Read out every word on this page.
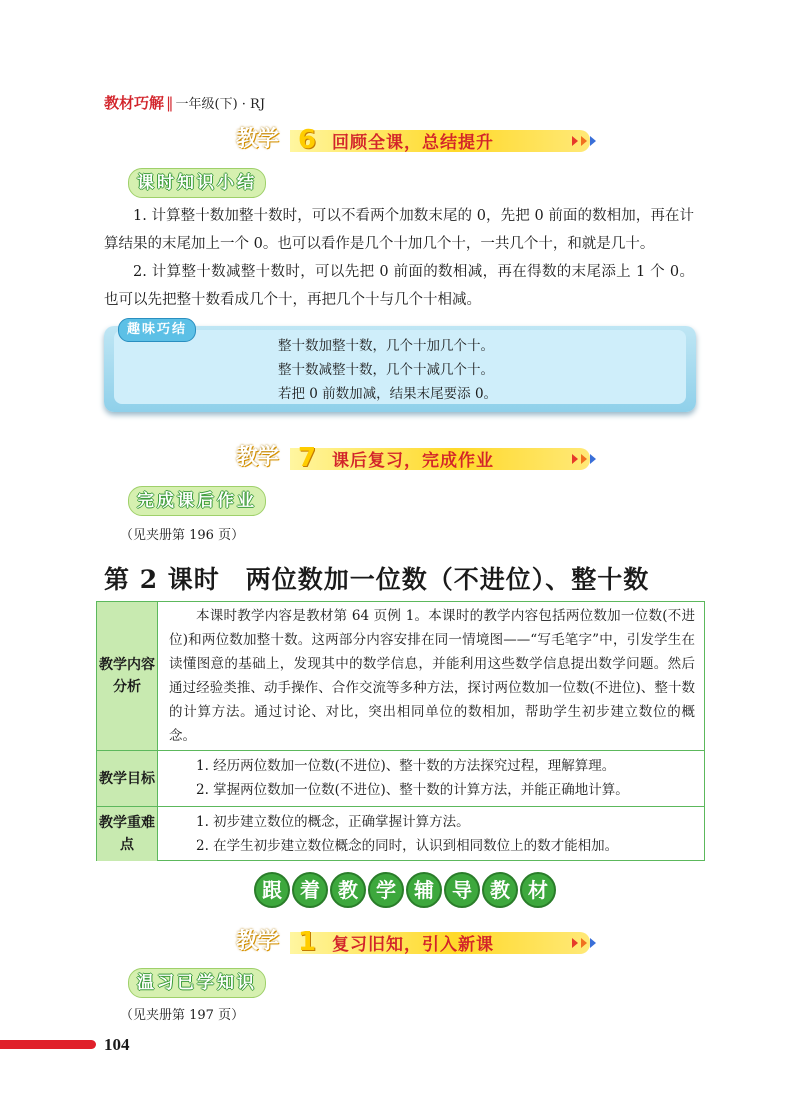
教材巧解 ‖ 一年级(下) · RJ
教学 6 回顾全课，总结提升
课时知识小结

1. 计算整十数加整十数时，可以不看两个加数末尾的 0，先把 0 前面的数相加，再在计算结果的末尾加上一个 0。也可以看作是几个十加几个十，一共几个十，和就是几十。

2. 计算整十数减整十数时，可以先把 0 前面的数相减，再在得数的末尾添上 1 个 0。也可以先把整十数看成几个十，再把几个十与几个十相减。

趣味巧结
整十数加整十数，几个十加几个十。
整十数减整十数，几个十减几个十。
若把 0 前数加减，结果末尾要添 0。
教学 7 课后复习，完成作业
完成课后作业
（见夹册第 196 页）
第 2 课时　两位数加一位数（不进位）、整十数
教学内容分析

本课时教学内容是教材第 64 页例 1。本课时的教学内容包括两位数加一位数(不进位)和两位数加整十数。这两部分内容安排在同一情境图——“写毛笔字”中，引发学生在读懂图意的基础上，发现其中的数学信息，并能利用这些数学信息提出数学问题。然后通过经验类推、动手操作、合作交流等多种方法，探讨两位数加一位数(不进位)、整十数的计算方法。通过讨论、对比，突出相同单位的数相加，帮助学生初步建立数位的概念。

教学目标

1. 经历两位数加一位数(不进位)、整十数的方法探究过程，理解算理。

2. 掌握两位数加一位数(不进位)、整十数的计算方法，并能正确地计算。

教学重难点

1. 初步建立数位的概念，正确掌握计算方法。

2. 在学生初步建立数位概念的同时，认识到相同数位上的数才能相加。

跟 着 教 学 辅 导 教 材
教学 1 复习旧知，引入新课
温习已学知识
（见夹册第 197 页）
104
